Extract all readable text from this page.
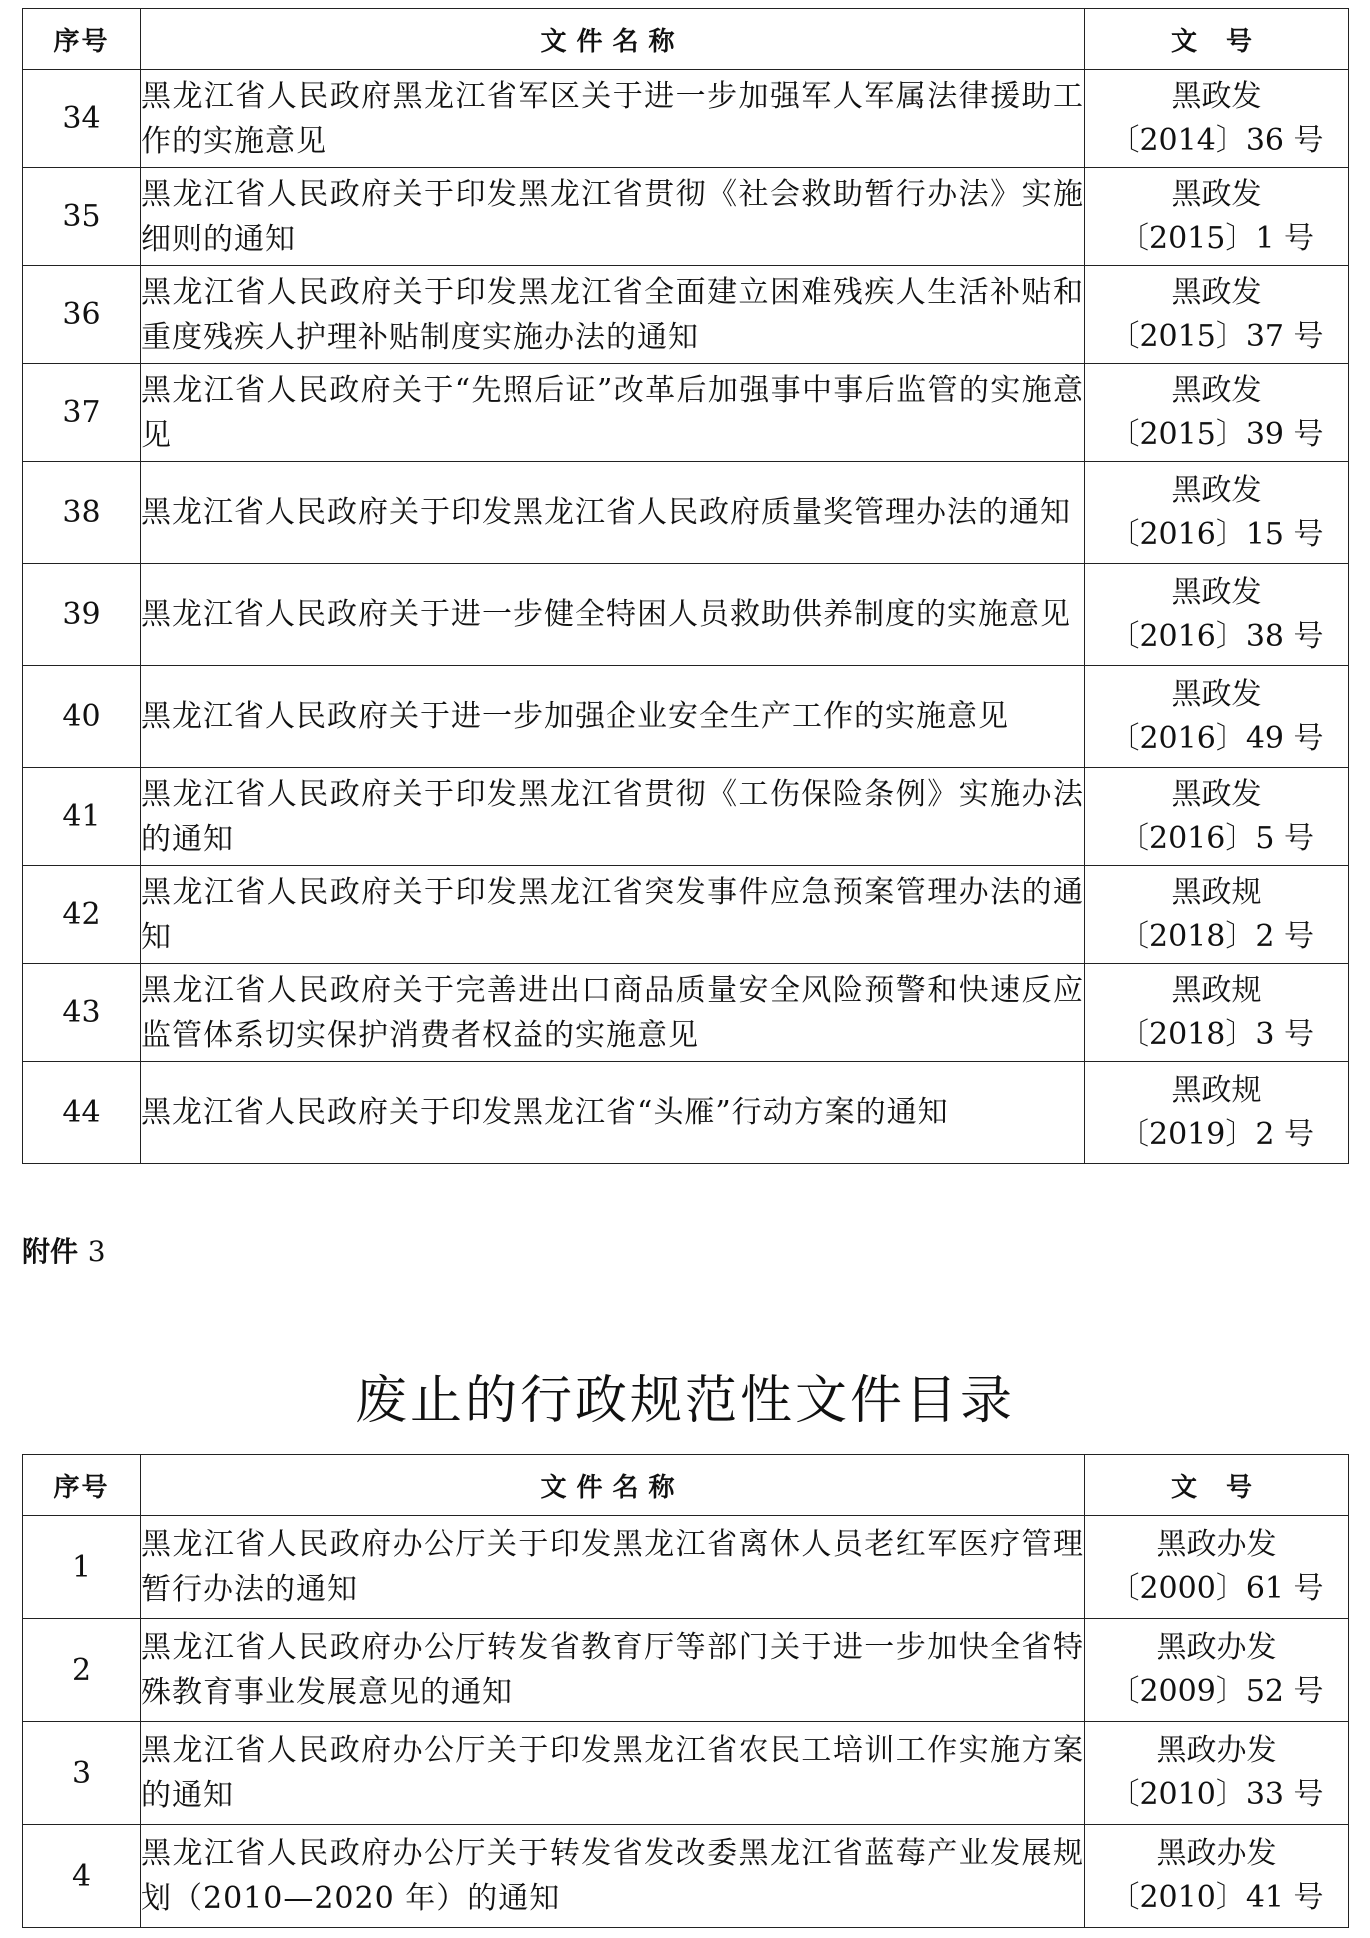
序号	文件名称	文 号
34	黑龙江省人民政府黑龙江省军区关于进一步加强军人军属法律援助工作的实施意见	黑政发
〔2014〕36 号

35	黑龙江省人民政府关于印发黑龙江省贯彻《社会救助暂行办法》实施细则的通知	黑政发
〔2015〕1 号

36	黑龙江省人民政府关于印发黑龙江省全面建立困难残疾人生活补贴和重度残疾人护理补贴制度实施办法的通知	黑政发
〔2015〕37 号

37	黑龙江省人民政府关于“先照后证”改革后加强事中事后监管的实施意见	黑政发
〔2015〕39 号

38	黑龙江省人民政府关于印发黑龙江省人民政府质量奖管理办法的通知	黑政发
〔2016〕15 号

39	黑龙江省人民政府关于进一步健全特困人员救助供养制度的实施意见	黑政发
〔2016〕38 号

40	黑龙江省人民政府关于进一步加强企业安全生产工作的实施意见	黑政发
〔2016〕49 号

41	黑龙江省人民政府关于印发黑龙江省贯彻《工伤保险条例》实施办法的通知	黑政发
〔2016〕5 号

42	黑龙江省人民政府关于印发黑龙江省突发事件应急预案管理办法的通知	黑政规
〔2018〕2 号

43	黑龙江省人民政府关于完善进出口商品质量安全风险预警和快速反应监管体系切实保护消费者权益的实施意见	黑政规
〔2018〕3 号

44	黑龙江省人民政府关于印发黑龙江省“头雁”行动方案的通知	黑政规
〔2019〕2 号
附件 3
废止的行政规范性文件目录
序号	文件名称	文 号
1	黑龙江省人民政府办公厅关于印发黑龙江省离休人员老红军医疗管理暂行办法的通知	黑政办发
〔2000〕61 号

2	黑龙江省人民政府办公厅转发省教育厅等部门关于进一步加快全省特殊教育事业发展意见的通知	黑政办发
〔2009〕52 号

3	黑龙江省人民政府办公厅关于印发黑龙江省农民工培训工作实施方案的通知	黑政办发
〔2010〕33 号

4	黑龙江省人民政府办公厅关于转发省发改委黑龙江省蓝莓产业发展规划（2010—2020 年）的通知	黑政办发
〔2010〕41 号
